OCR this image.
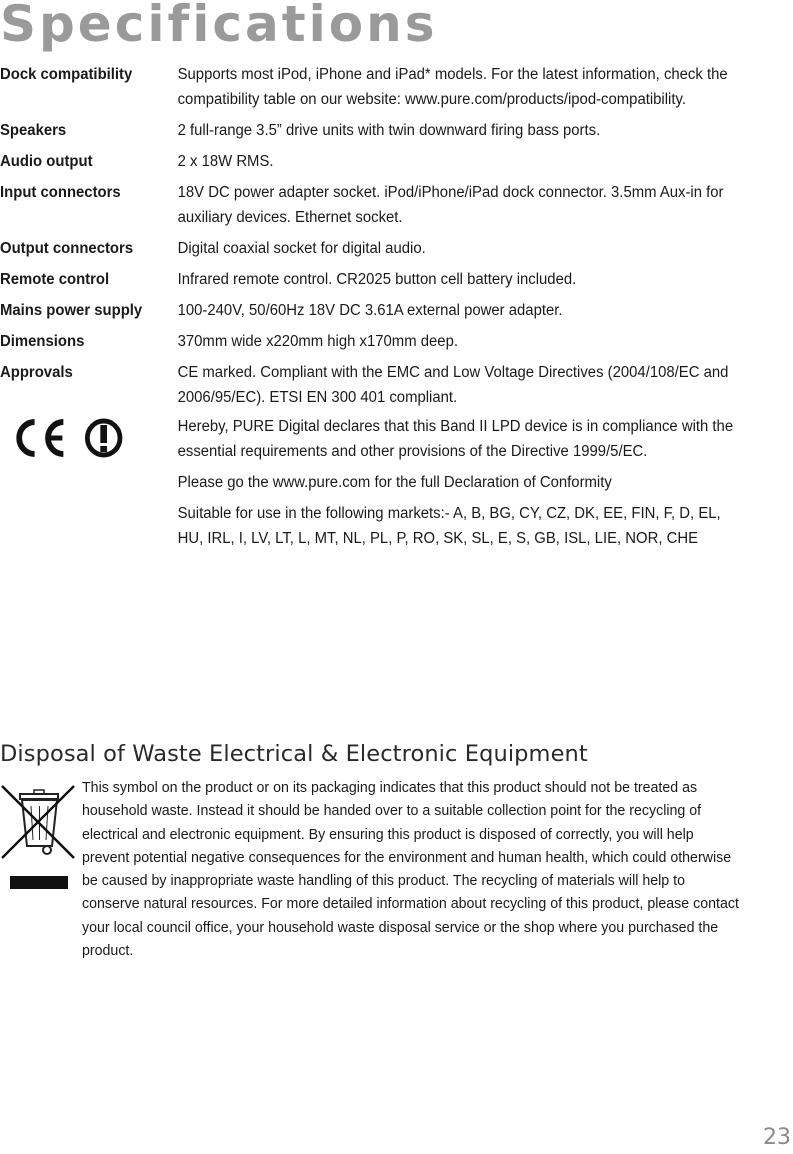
Specifications
Dock compatibility	Supports most iPod, iPhone and iPad* models. For the latest information, check the compatibility table on our website: www.pure.com/products/ipod-compatibility.
Speakers	2 full-range 3.5” drive units with twin downward firing bass ports.
Audio output	2 x 18W RMS.
Input connectors	18V DC power adapter socket. iPod/iPhone/iPad dock connector. 3.5mm Aux-in for auxiliary devices. Ethernet socket.
Output connectors	Digital coaxial socket for digital audio.
Remote control	Infrared remote control. CR2025 button cell battery included.
Mains power supply	100-240V, 50/60Hz 18V DC 3.61A external power adapter.
Dimensions	370mm wide x220mm high x170mm deep.
Approvals	CE marked. Compliant with the EMC and Low Voltage Directives (2004/108/EC and 2006/95/EC). ETSI EN 300 401 compliant.

Hereby, PURE Digital declares that this Band II LPD device is in compliance with the essential requirements and other provisions of the Directive 1999/5/EC.

Please go the www.pure.com for the full Declaration of Conformity

Suitable for use in the following markets:- A, B, BG, CY, CZ, DK, EE, FIN, F, D, EL, HU, IRL, I, LV, LT, L, MT, NL, PL, P, RO, SK, SL, E, S, GB, ISL, LIE, NOR, CHE

Disposal of Waste Electrical & Electronic Equipment

This symbol on the product or on its packaging indicates that this product should not be treated as household waste. Instead it should be handed over to a suitable collection point for the recycling of electrical and electronic equipment. By ensuring this product is disposed of correctly, you will help prevent potential negative consequences for the environment and human health, which could otherwise be caused by inappropriate waste handling of this product. The recycling of materials will help to conserve natural resources. For more detailed information about recycling of this product, please contact your local council office, your household waste disposal service or the shop where you purchased the product.

23
